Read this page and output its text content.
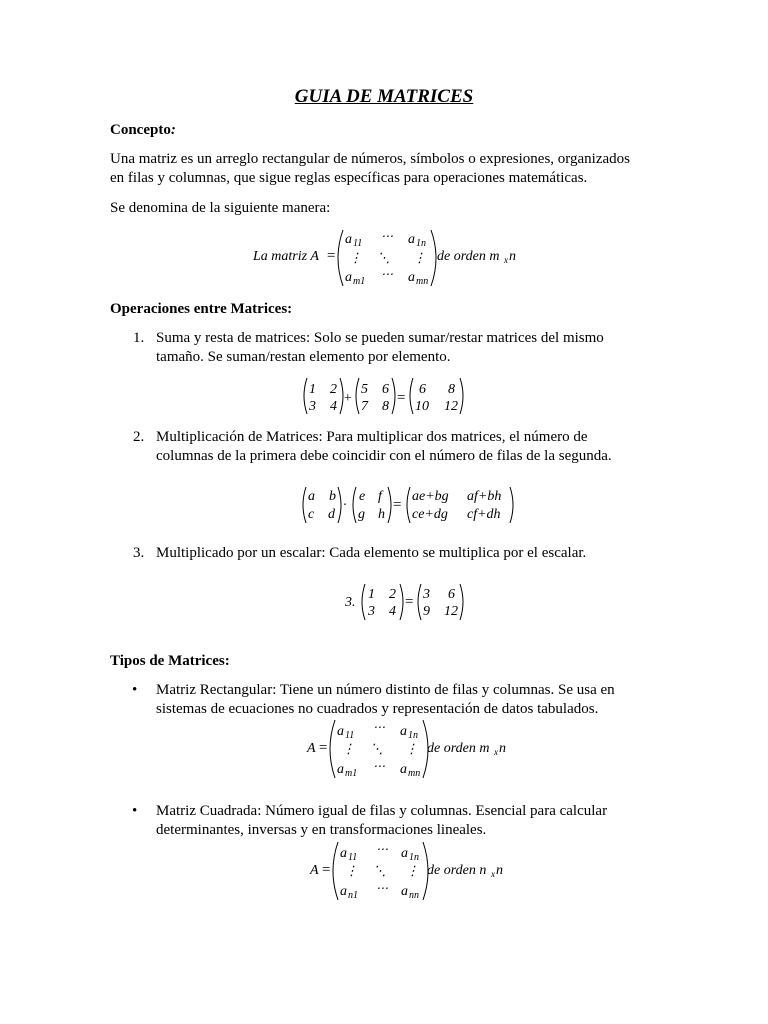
GUIA DE MATRICES
Concepto:
Una matriz es un arreglo rectangular de números, símbolos o expresiones, organizados
en filas y columnas, que sigue reglas específicas para operaciones matemáticas.
Se denomina de la siguiente manera:
La matriz A =
a 11
⋯ a 1n
⋮ ⋱ ⋮
a m1
⋯ a mn
de orden m x n
Operaciones entre Matrices:
1. Suma y resta de matrices: Solo se pueden sumar/restar matrices del mismo
tamaño. Se suman/restan elemento por elemento.
1 2
3 4
+
5 6
7 8
=
6 8
10 12
2. Multiplicación de Matrices: Para multiplicar dos matrices, el número de
columnas de la primera debe coincidir con el número de filas de la segunda.
a b
c d
·
e f
g h
=
ae+bg af+bh
ce+dg cf+dh
3. Multiplicado por un escalar: Cada elemento se multiplica por el escalar.
3.
1 2
3 4
= 3 6
9 12
Tipos de Matrices:
• Matriz Rectangular: Tiene un número distinto de filas y columnas. Se usa en
sistemas de ecuaciones no cuadrados y representación de datos tabulados.
A =
a 11
⋯ a 1n
⋮ ⋱ ⋮
a m1
⋯ a mn
de orden m x n
• Matriz Cuadrada: Número igual de filas y columnas. Esencial para calcular
determinantes, inversas y en transformaciones lineales.
A =
a 11
⋯ a 1n
⋮ ⋱ ⋮
a n1
⋯ a nn
de orden n x n
